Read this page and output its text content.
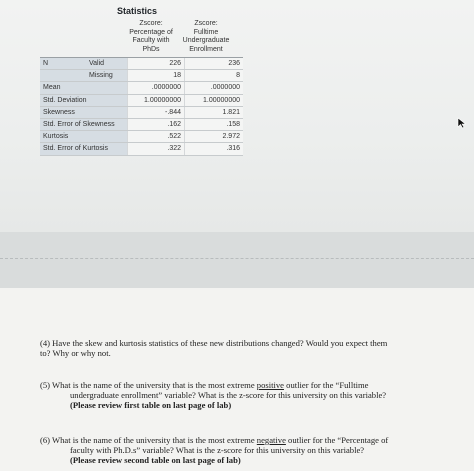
Statistics
Zscore:
Percentage of
Faculty with
PhDs
Zscore:
Fulltime
Undergraduate
Enrollment
N	Valid	226	236
	Missing	18	8
Mean		.0000000	.0000000
Std. Deviation		1.00000000	1.00000000
Skewness		-.844	1.821
Std. Error of Skewness		.162	.158
Kurtosis		.522	2.972
Std. Error of Kurtosis		.322	.316
(4) Have the skew and kurtosis statistics of these new distributions changed? Would you expect them
to? Why or why not.
(5) What is the name of the university that is the most extreme positive outlier for the “Fulltime
undergraduate enrollment” variable? What is the z-score for this university on this variable?
(Please review first table on last page of lab)
(6) What is the name of the university that is the most extreme negative outlier for the “Percentage of
faculty with Ph.D.s” variable? What is the z-score for this university on this variable?
(Please review second table on last page of lab)
